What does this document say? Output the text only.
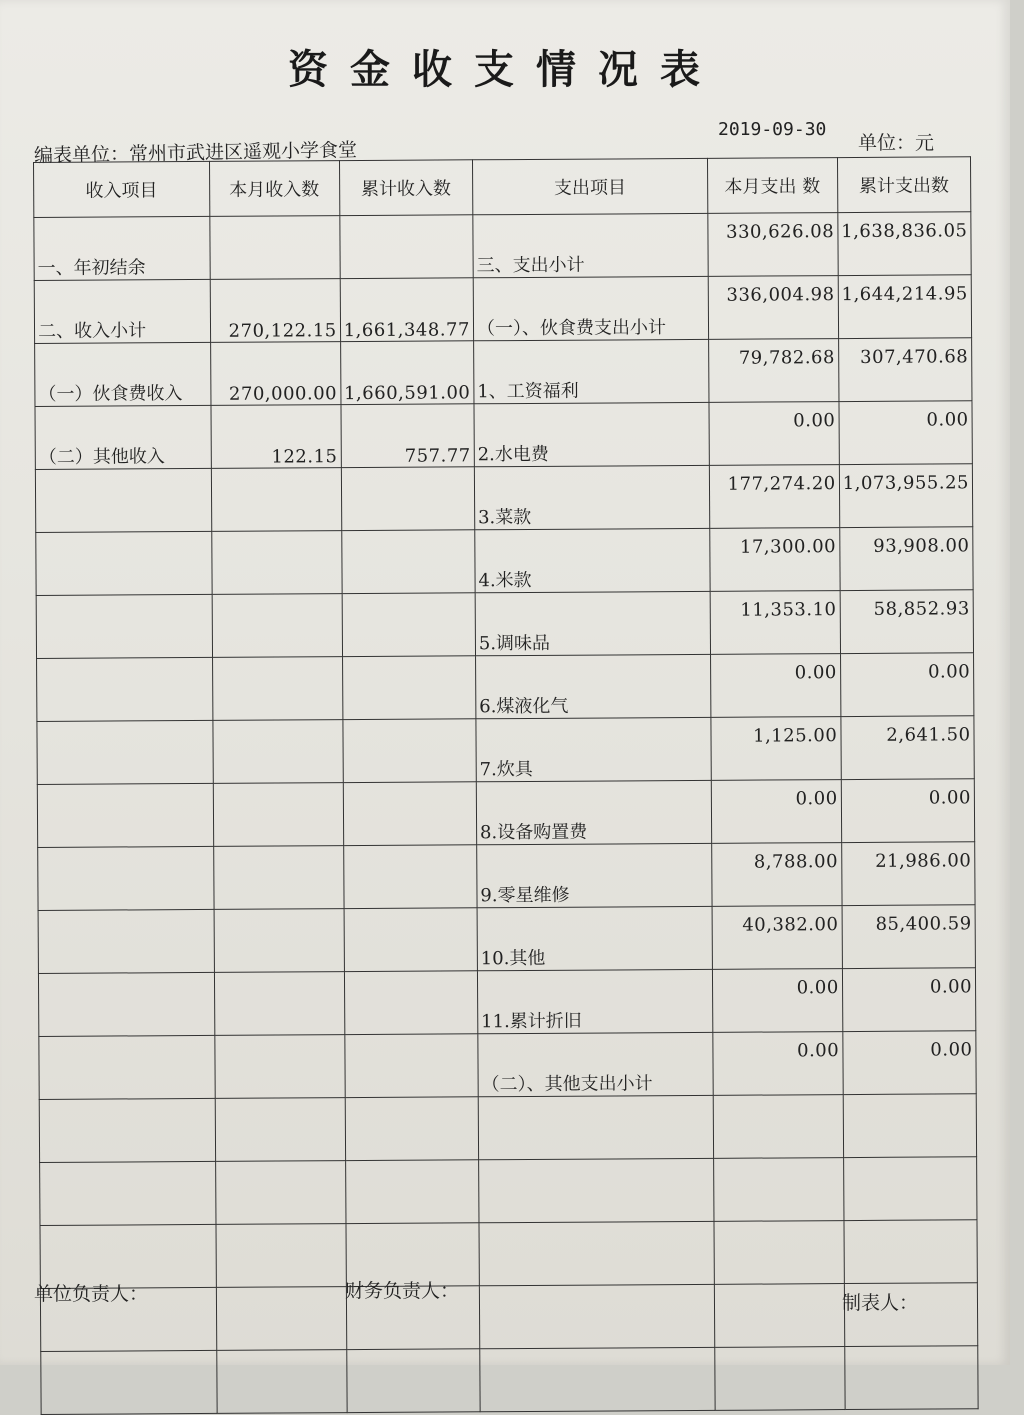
资金收支情况表
编表单位：常州市武进区遥观小学食堂
2019-09-30
单位：元
收入项目	本月收入数	累计收入数	支出项目	本月支出 数	累计支出数
一、年初结余			三、支出小计	330,626.08	1,638,836.05
二、收入小计	270,122.15	1,661,348.77	（一）、伙食费支出小计	336,004.98	1,644,214.95
（一）伙食费收入	270,000.00	1,660,591.00	1、工资福利	79,782.68	307,470.68
（二）其他收入	122.15	757.77	2.水电费	0.00	0.00
			3.菜款	177,274.20	1,073,955.25
			4.米款	17,300.00	93,908.00
			5.调味品	11,353.10	58,852.93
			6.煤液化气	0.00	0.00
			7.炊具	1,125.00	2,641.50
			8.设备购置费	0.00	0.00
			9.零星维修	8,788.00	21,986.00
			10.其他	40,382.00	85,400.59
			11.累计折旧	0.00	0.00
			（二）、其他支出小计	0.00	0.00

单位负责人：	财务负责人：
制表人：
